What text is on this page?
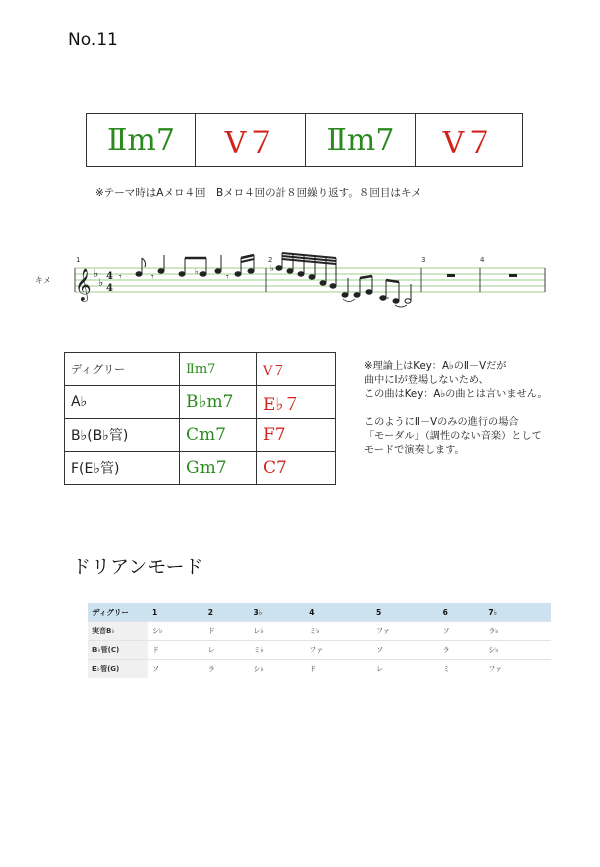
No.11
Ⅱm7	V７	Ⅱm7	V７
※テーマ時はAメロ４回　Bメロ４回の計８回繰り返す。８回目はキメ
キメ
1	2	3	4
𝄞 ♭
♭ 4
4
𝄾	𝄾
♭
𝄾
♭
ディグリー	Ⅱm7	V７
A♭	B♭m7	E♭７
B♭(B♭管)	Cm7	F7
F(E♭管)	Gm7	C7

※理論上はKey：A♭のⅡ－Ⅴだが

曲中にⅠが登場しないため、

この曲はKey：A♭の曲とは言いません。

このようにⅡ－Ⅴのみの進行の場合

「モーダル」（調性のない音楽）として

モードで演奏します。

ドリアンモード
ディグリー	1	2	3♭	4	5	6	7♭
実音B♭	シ♭	ド	レ♭	ミ♭	ファ	ソ	ラ♭
B♭管(C)	ド	レ	ミ♭	ファ	ソ	ラ	シ♭
E♭管(G)	ソ	ラ	シ♭	ド	レ	ミ	ファ
